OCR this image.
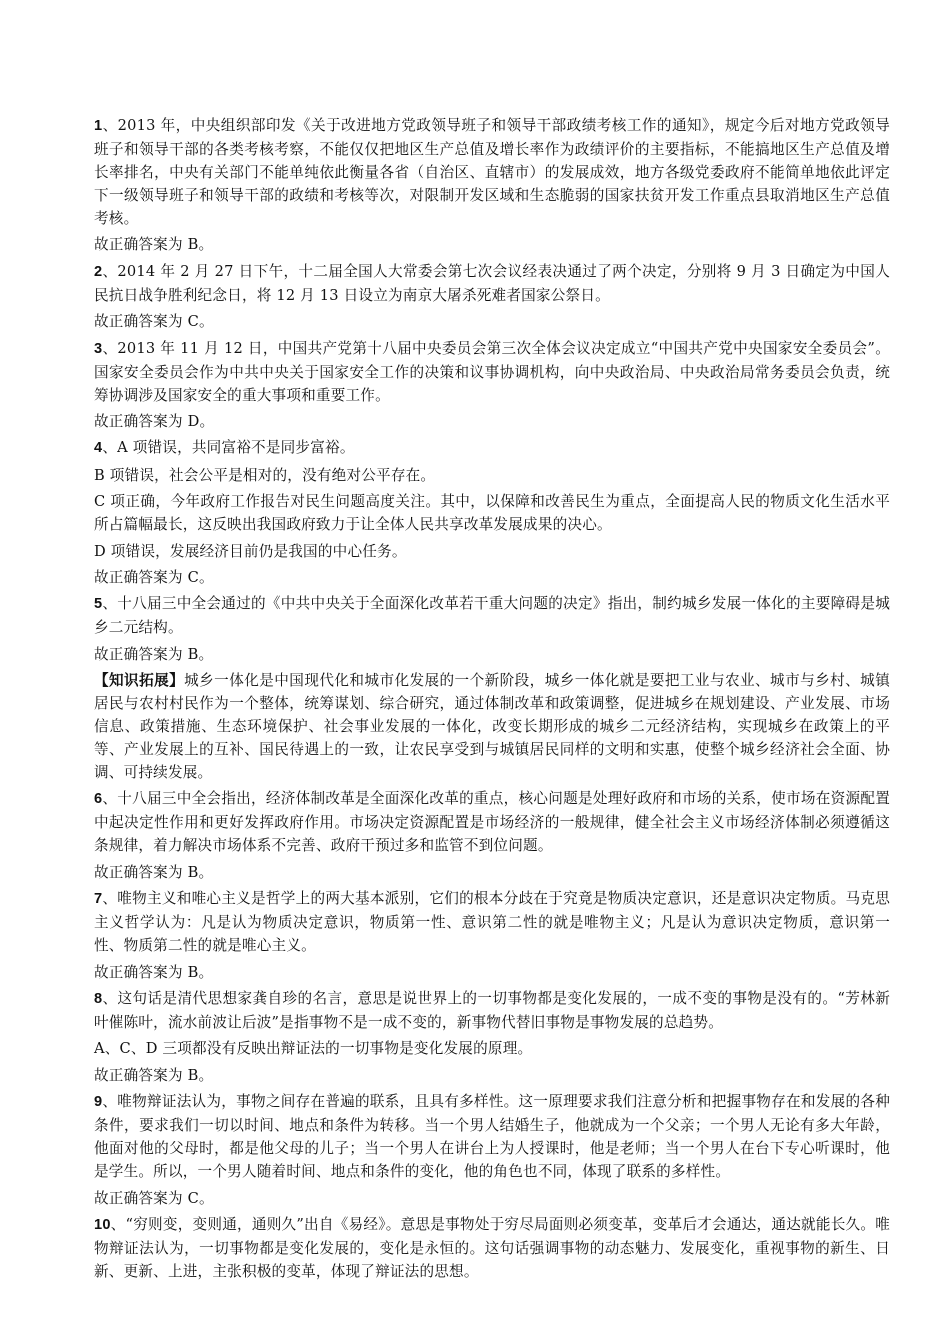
1、2013 年，中央组织部印发《关于改进地方党政领导班子和领导干部政绩考核工作的通知》，规定今后对地方党政领导班子和领导干部的各类考核考察，不能仅仅把地区生产总值及增长率作为政绩评价的主要指标，不能搞地区生产总值及增长率排名，中央有关部门不能单纯依此衡量各省（自治区、直辖市）的发展成效，地方各级党委政府不能简单地依此评定下一级领导班子和领导干部的政绩和考核等次，对限制开发区域和生态脆弱的国家扶贫开发工作重点县取消地区生产总值考核。

故正确答案为 B。

2、2014 年 2 月 27 日下午，十二届全国人大常委会第七次会议经表决通过了两个决定，分别将 9 月 3 日确定为中国人民抗日战争胜利纪念日，将 12 月 13 日设立为南京大屠杀死难者国家公祭日。

故正确答案为 C。

3、2013 年 11 月 12 日，中国共产党第十八届中央委员会第三次全体会议决定成立“中国共产党中央国家安全委员会”。国家安全委员会作为中共中央关于国家安全工作的决策和议事协调机构，向中央政治局、中央政治局常务委员会负责，统筹协调涉及国家安全的重大事项和重要工作。

故正确答案为 D。

4、A 项错误，共同富裕不是同步富裕。

B 项错误，社会公平是相对的，没有绝对公平存在。

C 项正确，今年政府工作报告对民生问题高度关注。其中，以保障和改善民生为重点，全面提高人民的物质文化生活水平所占篇幅最长，这反映出我国政府致力于让全体人民共享改革发展成果的决心。

D 项错误，发展经济目前仍是我国的中心任务。

故正确答案为 C。

5、十八届三中全会通过的《中共中央关于全面深化改革若干重大问题的决定》指出，制约城乡发展一体化的主要障碍是城乡二元结构。

故正确答案为 B。

【知识拓展】城乡一体化是中国现代化和城市化发展的一个新阶段，城乡一体化就是要把工业与农业、城市与乡村、城镇居民与农村村民作为一个整体，统筹谋划、综合研究，通过体制改革和政策调整，促进城乡在规划建设、产业发展、市场信息、政策措施、生态环境保护、社会事业发展的一体化，改变长期形成的城乡二元经济结构，实现城乡在政策上的平等、产业发展上的互补、国民待遇上的一致，让农民享受到与城镇居民同样的文明和实惠，使整个城乡经济社会全面、协调、可持续发展。

6、十八届三中全会指出，经济体制改革是全面深化改革的重点，核心问题是处理好政府和市场的关系，使市场在资源配置中起决定性作用和更好发挥政府作用。市场决定资源配置是市场经济的一般规律，健全社会主义市场经济体制必须遵循这条规律，着力解决市场体系不完善、政府干预过多和监管不到位问题。

故正确答案为 B。

7、唯物主义和唯心主义是哲学上的两大基本派别，它们的根本分歧在于究竟是物质决定意识，还是意识决定物质。马克思主义哲学认为：凡是认为物质决定意识，物质第一性、意识第二性的就是唯物主义；凡是认为意识决定物质，意识第一性、物质第二性的就是唯心主义。

故正确答案为 B。

8、这句话是清代思想家龚自珍的名言，意思是说世界上的一切事物都是变化发展的，一成不变的事物是没有的。“芳林新叶催陈叶，流水前波让后波”是指事物不是一成不变的，新事物代替旧事物是事物发展的总趋势。

A、C、D 三项都没有反映出辩证法的一切事物是变化发展的原理。

故正确答案为 B。

9、唯物辩证法认为，事物之间存在普遍的联系，且具有多样性。这一原理要求我们注意分析和把握事物存在和发展的各种条件，要求我们一切以时间、地点和条件为转移。当一个男人结婚生子，他就成为一个父亲；一个男人无论有多大年龄，他面对他的父母时，都是他父母的儿子；当一个男人在讲台上为人授课时，他是老师；当一个男人在台下专心听课时，他是学生。所以，一个男人随着时间、地点和条件的变化，他的角色也不同，体现了联系的多样性。

故正确答案为 C。

10、“穷则变，变则通，通则久”出自《易经》。意思是事物处于穷尽局面则必须变革，变革后才会通达，通达就能长久。唯物辩证法认为，一切事物都是变化发展的，变化是永恒的。这句话强调事物的动态魅力、发展变化，重视事物的新生、日新、更新、上进，主张积极的变革，体现了辩证法的思想。
